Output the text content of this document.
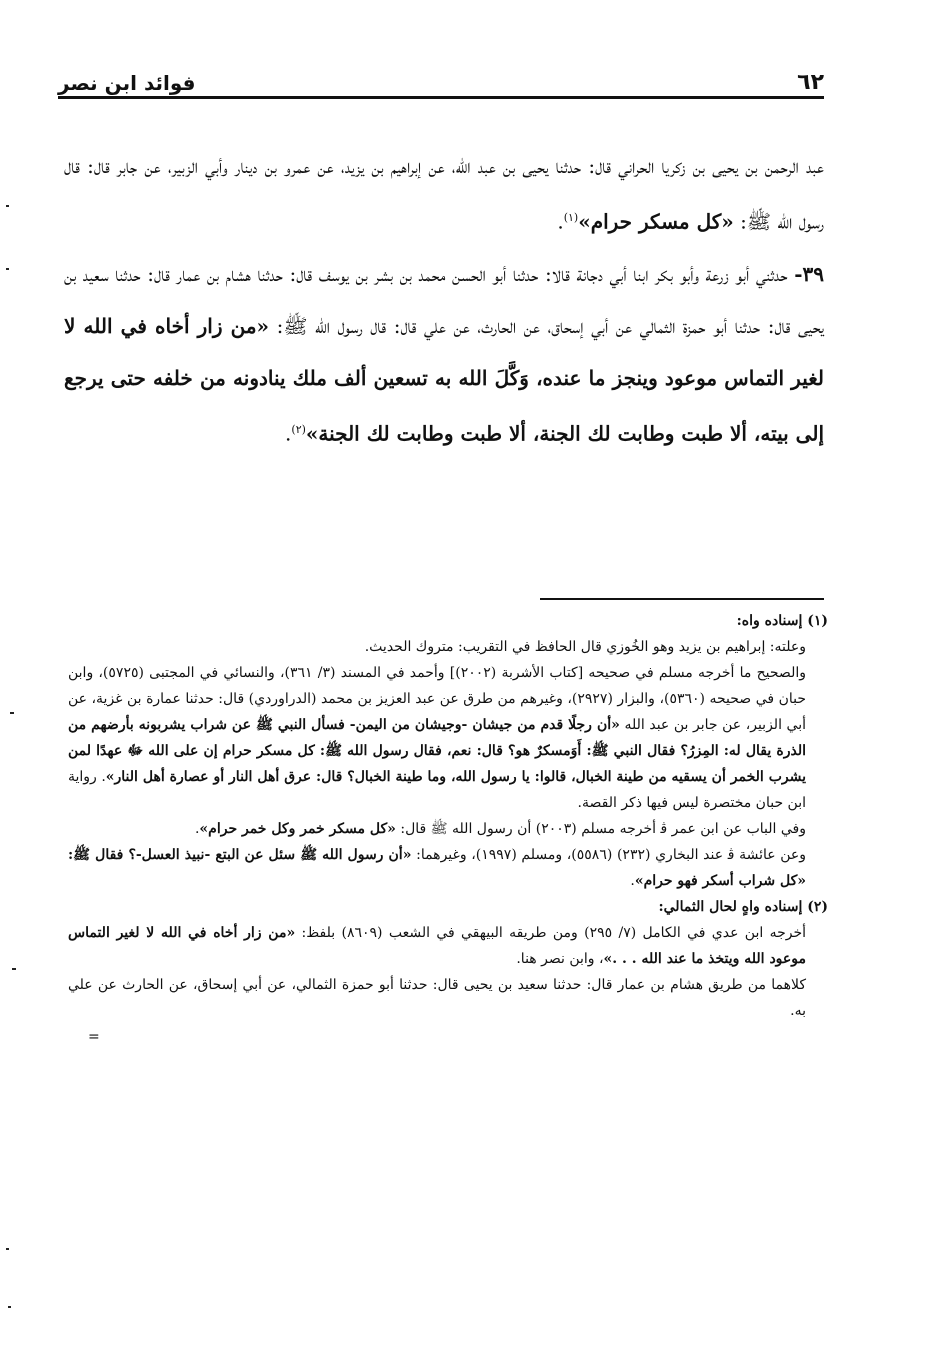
فوائد ابن نصر	٦٢

عبد الرحمن بن يحيى بن زكريا الحراني قال: حدثنا يحيى بن عبد الله، عن إبراهيم بن يزيد، عن عمرو بن دينار وأبي الزبير، عن جابر قال: قال رسول الله ﷺ: «كل مسكر حرام»$^{(١)}$.

٣٩- حدثني أبو زرعة وأبو بكر ابنا أبي دجانة قالا: حدثنا أبو الحسن محمد بن بشر بن يوسف قال: حدثنا هشام بن عمار قال: حدثنا سعيد بن يحيى قال: حدثنا أبو حمزة الثمالي عن أبي إسحاق، عن الحارث، عن علي قال: قال رسول الله ﷺ: «من زار أخاه في الله لا لغير التماس موعود وينجز ما عنده، وَكَّلَ الله به تسعين ألف ملك ينادونه من خلفه حتى يرجع إلى بيته، ألا طبت وطابت لك الجنة، ألا طبت وطابت لك الجنة»$^{(٢)}$.

(١) إسناده واه:

وعلته: إبراهيم بن يزيد وهو الخُوزي قال الحافظ في التقريب: متروك الحديث.

والصحيح ما أخرجه مسلم في صحيحه [كتاب الأشربة (٢٠٠٢)] وأحمد في المسند (٣/ ٣٦١)، والنسائي في المجتبى (٥٧٢٥)، وابن حبان في صحيحه (٥٣٦٠)، والبزار (٢٩٢٧)، وغيرهم من طرق عن عبد العزيز بن محمد (الدراوردي) قال: حدثنا عمارة بن غزية، عن أبي الزبير، عن جابر بن عبد الله «أن رجلًا قدم من جيشان -وجيشان من اليمن- فسأل النبي ﷺ عن شراب يشربونه بأرضهم من الذرة يقال له: المِزرُ؟ فقال النبي ﷺ: أَوَمسكرٌ هو؟ قال: نعم، فقال رسول الله ﷺ: كل مسكر حرام إن على الله ﷻ عهدًا لمن يشرب الخمر أن يسقيه من طينة الخبال، قالوا: يا رسول الله، وما طينة الخبال؟ قال: عرق أهل النار أو عصارة أهل النار». رواية ابن حبان مختصرة ليس فيها ذكر القصة.

وفي الباب عن ابن عمر ﭬ أخرجه مسلم (٢٠٠٣) أن رسول الله ﷺ قال: «كل مسكر خمر وكل خمر حرام».

وعن عائشة ﭬ عند البخاري (٢٣٢) (٥٥٨٦)، ومسلم (١٩٩٧)، وغيرهما: «أن رسول الله ﷺ سئل عن البتع -نبيذ العسل-؟ فقال ﷺ: «كل شراب أسكر فهو حرام».

(٢) إسناده واهٍ لحال الثمالي:

أخرجه ابن عدي في الكامل (٧/ ٢٩٥) ومن طريقه البيهقي في الشعب (٨٦٠٩) بلفظ: «من زار أخاه في الله لا لغير التماس موعود الله ويتخذ ما عند الله . . .»، وابن نصر هنا.

كلاهما من طريق هشام بن عمار قال: حدثنا سعيد بن يحيى قال: حدثنا أبو حمزة الثمالي، عن أبي إسحاق، عن الحارث عن علي به.

=
